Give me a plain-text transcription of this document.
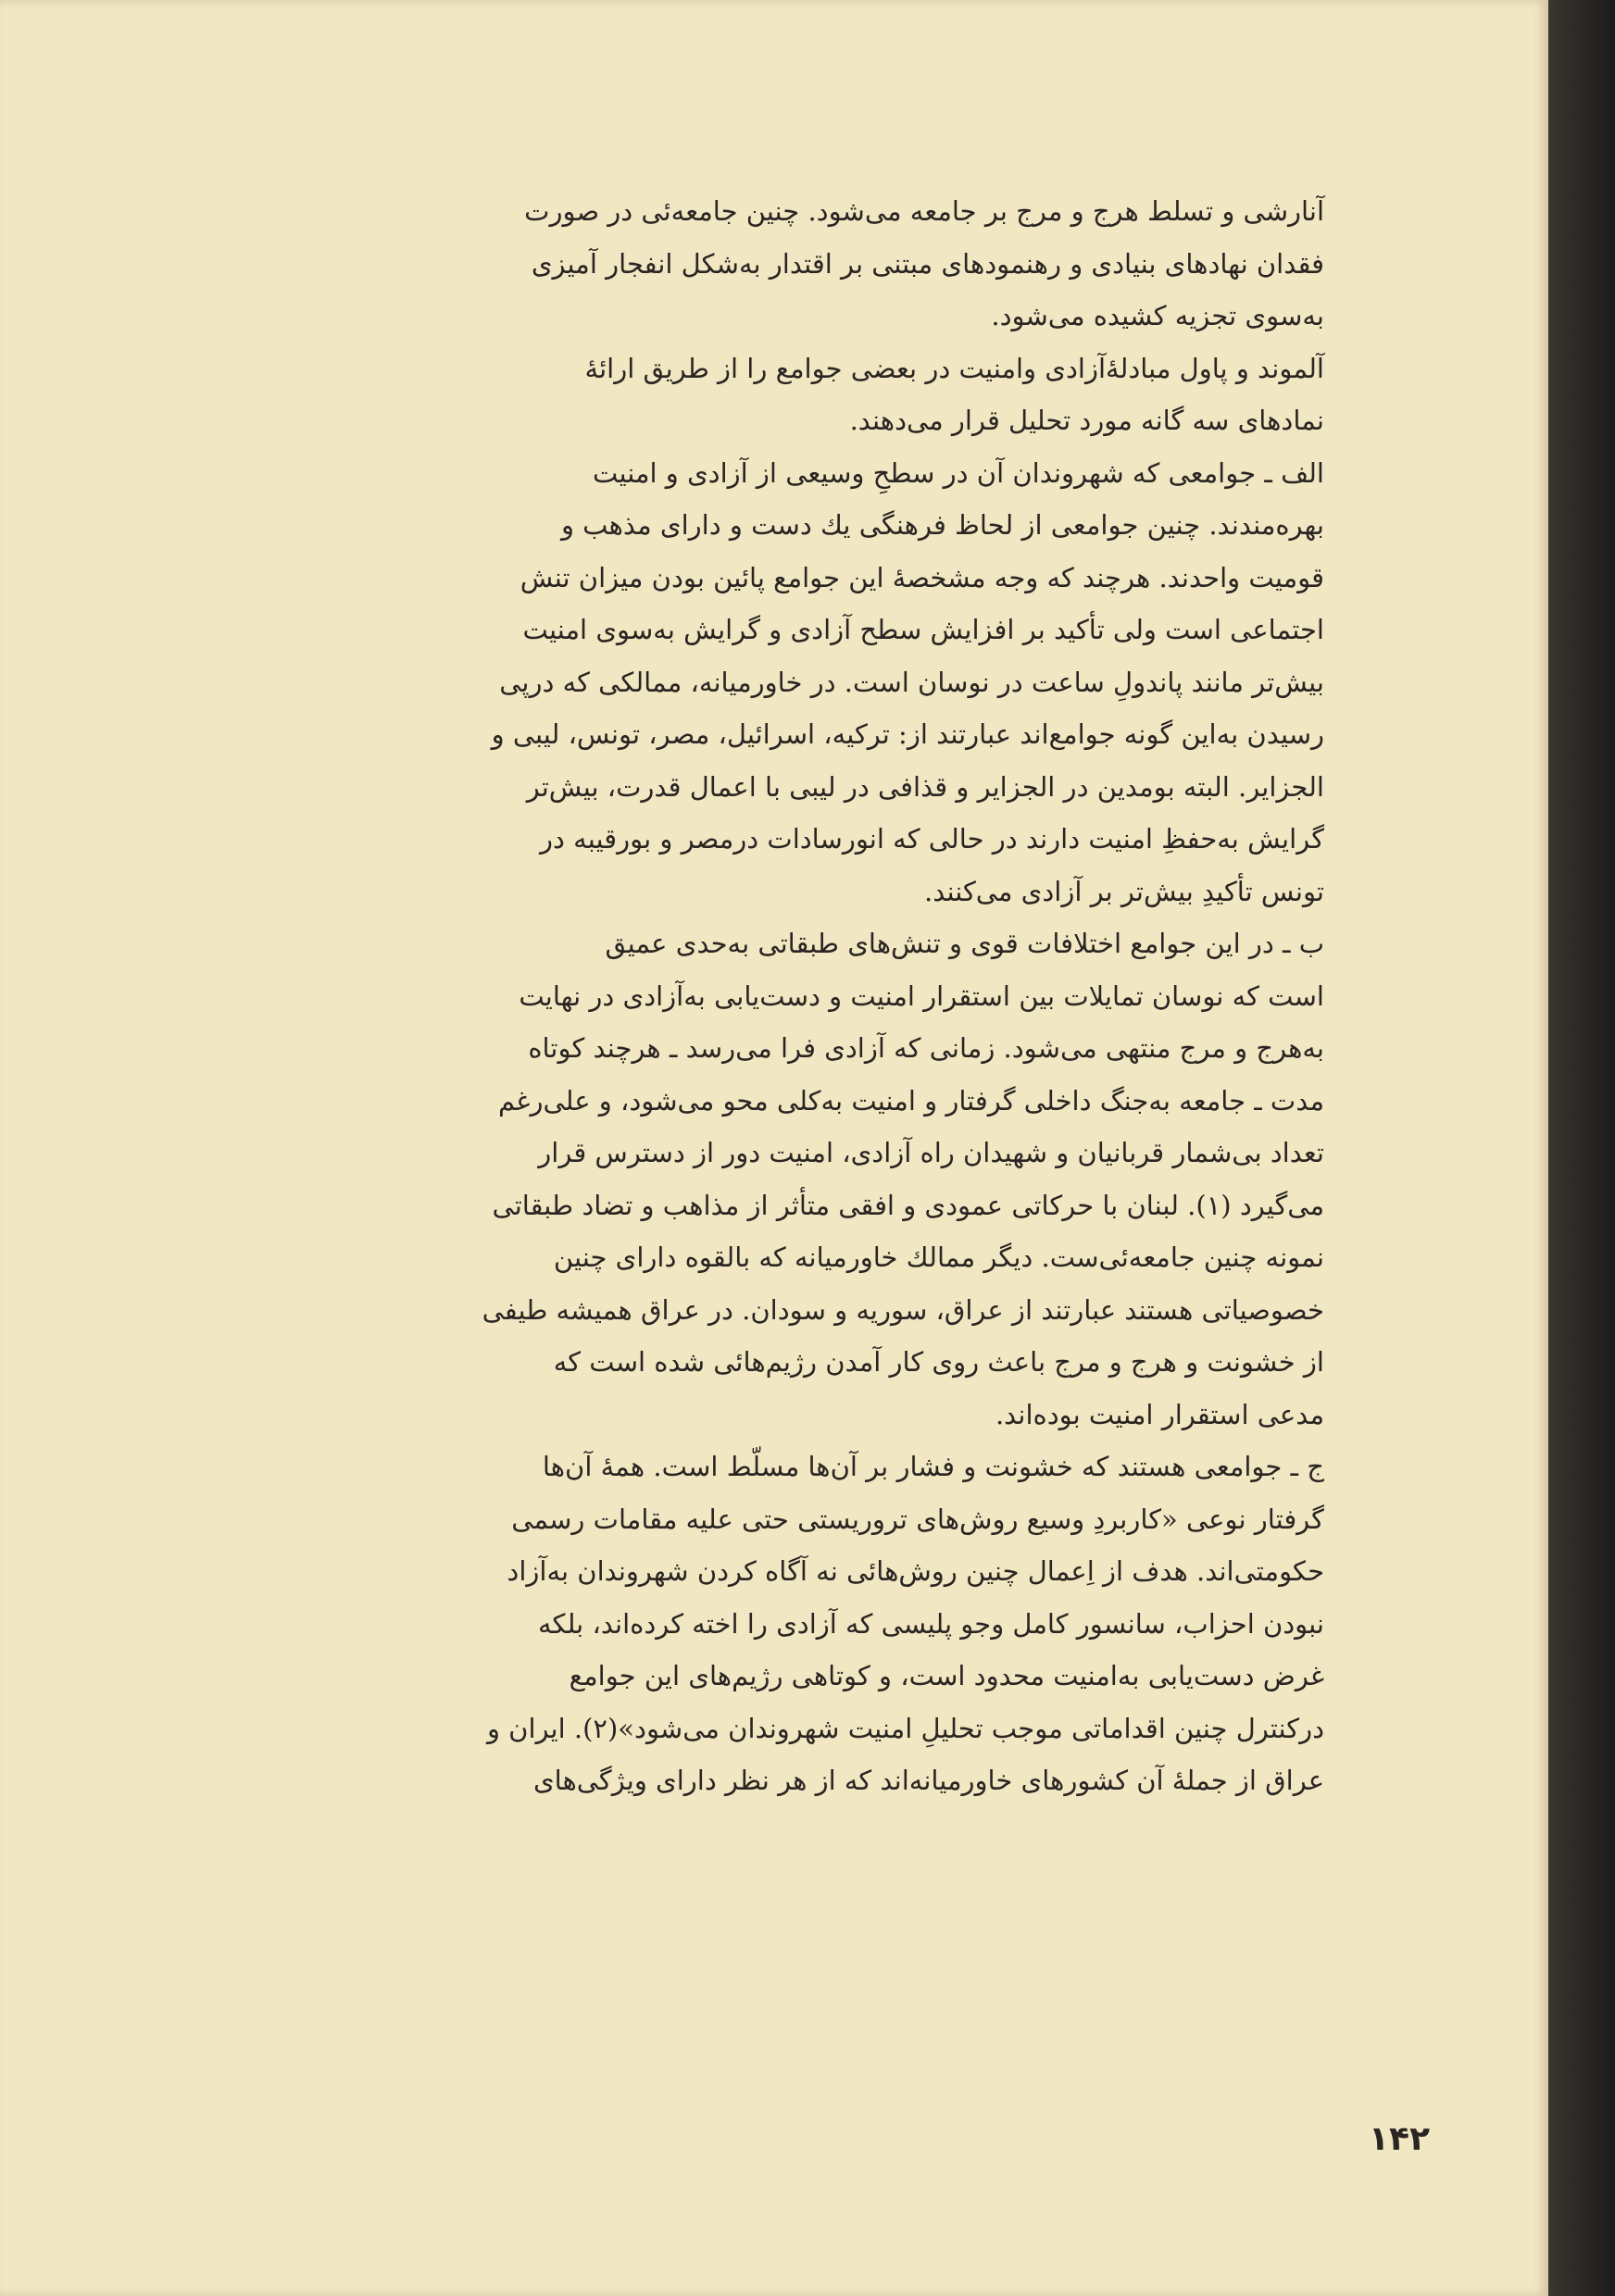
آنارشی و تسلط هرج و مرج بر جامعه می‌شود. چنین جامعه‌ئی در صورت
فقدان نهادهای بنیادی و رهنمودهای مبتنی بر اقتدار به‌شکل انفجار آمیزی
به‌سوی تجزیه کشیده می‌شود.

آلموند و پاول مبادلهٔ‌آزادی وامنیت در بعضی جوامع را از طریق ارائهٔ
نمادهای سه گانه مورد تحلیل قرار می‌دهند.

الف ـ جوامعی که شهروندان آن در سطحِ وسیعی از آزادی و امنیت
بهره‌مندند. چنین جوامعی از لحاظ فرهنگی یك دست و دارای مذهب و
قومیت واحدند. هرچند که وجه مشخصهٔ این جوامع پائین بودن میزان تنش
اجتماعی است ولی تأکید بر افزایش سطح آزادی و گرایش به‌سوی امنیت
بیش‌تر مانند پاندولِ ساعت در نوسان است. در خاورمیانه، ممالکی که درپی
رسیدن به‌این گونه جوامع‌اند عبارتند از: ترکیه، اسرائیل، مصر، تونس، لیبی و
الجزایر. البته بومدین در الجزایر و قذافی در لیبی با اعمال قدرت، بیش‌تر
گرایش به‌حفظِ امنیت دارند در حالی که انورسادات درمصر و بورقیبه در
تونس تأکیدِ بیش‌تر بر آزادی می‌کنند.

ب ـ در این جوامع اختلافات قوی و تنش‌های طبقاتی به‌حدی عمیق
است که نوسان تمایلات بین استقرار امنیت و دست‌یابی به‌آزادی در نهایت
به‌هرج و مرج منتهی می‌شود. زمانی که آزادی فرا می‌رسد ـ هرچند کوتاه
مدت ـ جامعه به‌جنگ داخلی گرفتار و امنیت به‌کلی محو می‌شود، و علی‌رغم
تعداد بی‌شمار قربانیان و شهیدان راه آزادی، امنیت دور از دسترس قرار
می‌گیرد (۱). لبنان با حرکاتی عمودی و افقی متأثر از مذاهب و تضاد طبقاتی
نمونه چنین جامعه‌ئی‌ست. دیگر ممالك خاورمیانه که بالقوه دارای چنین
خصوصیاتی هستند عبارتند از عراق، سوریه و سودان. در عراق همیشه طیفی
از خشونت و هرج و مرج باعث روی کار آمدن رژیم‌هائی شده است که
مدعی استقرار امنیت بوده‌اند.

ج ـ جوامعی هستند که خشونت و فشار بر آن‌ها مسلّط است. همهٔ آن‌ها
گرفتار نوعی «کاربردِ وسیع روش‌های تروریستی حتی علیه مقامات رسمی
حکومتی‌اند. هدف از اِعمال چنین روش‌هائی نه آگاه کردن شهروندان به‌آزاد
نبودن احزاب، سانسور کامل وجو پلیسی که آزادی را اخته کرده‌اند، بلکه
غرض دست‌یابی به‌امنیت محدود است، و کوتاهی رژیم‌های این جوامع
درکنترل چنین اقداماتی موجب تحلیلِ امنیت شهروندان می‌شود»(۲). ایران و
عراق از جملهٔ آن کشورهای خاورمیانه‌اند که از هر نظر دارای ویژگی‌های

۱۴۲
